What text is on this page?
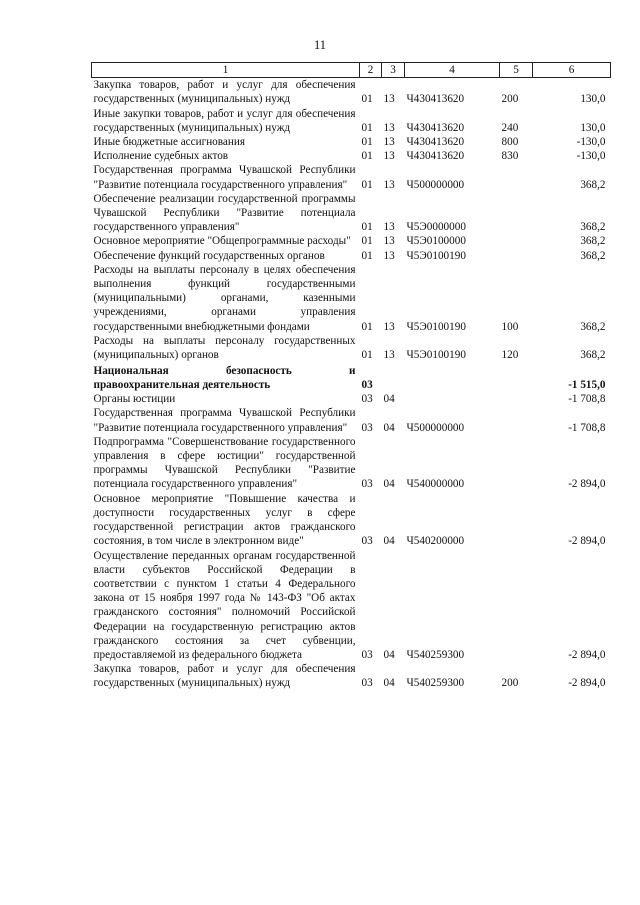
11
1	2	3	4	5	6
Закупка товаров, работ и услуг для обеспечения государственных (муниципальных) нужд	01	13	Ч430413620	200	130,0
Иные закупки товаров, работ и услуг для обеспечения государственных (муниципальных) нужд	01	13	Ч430413620	240	130,0
Иные бюджетные ассигнования	01	13	Ч430413620	800	-130,0
Исполнение судебных актов	01	13	Ч430413620	830	-130,0
Государственная программа Чувашской Республики "Развитие потенциала государственного управления"	01	13	Ч500000000		368,2
Обеспечение реализации государственной программы Чувашской Республики "Развитие потенциала государственного управления"	01	13	Ч5Э0000000		368,2
Основное мероприятие "Общепрограммные расходы"	01	13	Ч5Э0100000		368,2
Обеспечение функций государственных органов	01	13	Ч5Э0100190		368,2
Расходы на выплаты персоналу в целях обеспечения выполнения функций государственными (муниципальными) органами, казенными учреждениями, органами управления государственными внебюджетными фондами	01	13	Ч5Э0100190	100	368,2
Расходы на выплаты персоналу государственных (муниципальных) органов	01	13	Ч5Э0100190	120	368,2
Национальная безопасность и правоохранительная деятельность	03				-1 515,0
Органы юстиции	03	04			-1 708,8
Государственная программа Чувашской Республики "Развитие потенциала государственного управления"	03	04	Ч500000000		-1 708,8
Подпрограмма "Совершенствование государственного управления в сфере юстиции" государственной программы Чувашской Республики "Развитие потенциала государственного управления"	03	04	Ч540000000		-2 894,0
Основное мероприятие "Повышение качества и доступности государственных услуг в сфере государственной регистрации актов гражданского состояния, в том числе в электронном виде"	03	04	Ч540200000		-2 894,0
Осуществление переданных органам государственной власти субъектов Российской Федерации в соответствии с пунктом 1 статьи 4 Федерального закона от 15 ноября 1997 года № 143-ФЗ "Об актах гражданского состояния" полномочий Российской Федерации на государственную регистрацию актов гражданского состояния за счет субвенции, предоставляемой из федерального бюджета	03	04	Ч540259300		-2 894,0
Закупка товаров, работ и услуг для обеспечения государственных (муниципальных) нужд	03	04	Ч540259300	200	-2 894,0
